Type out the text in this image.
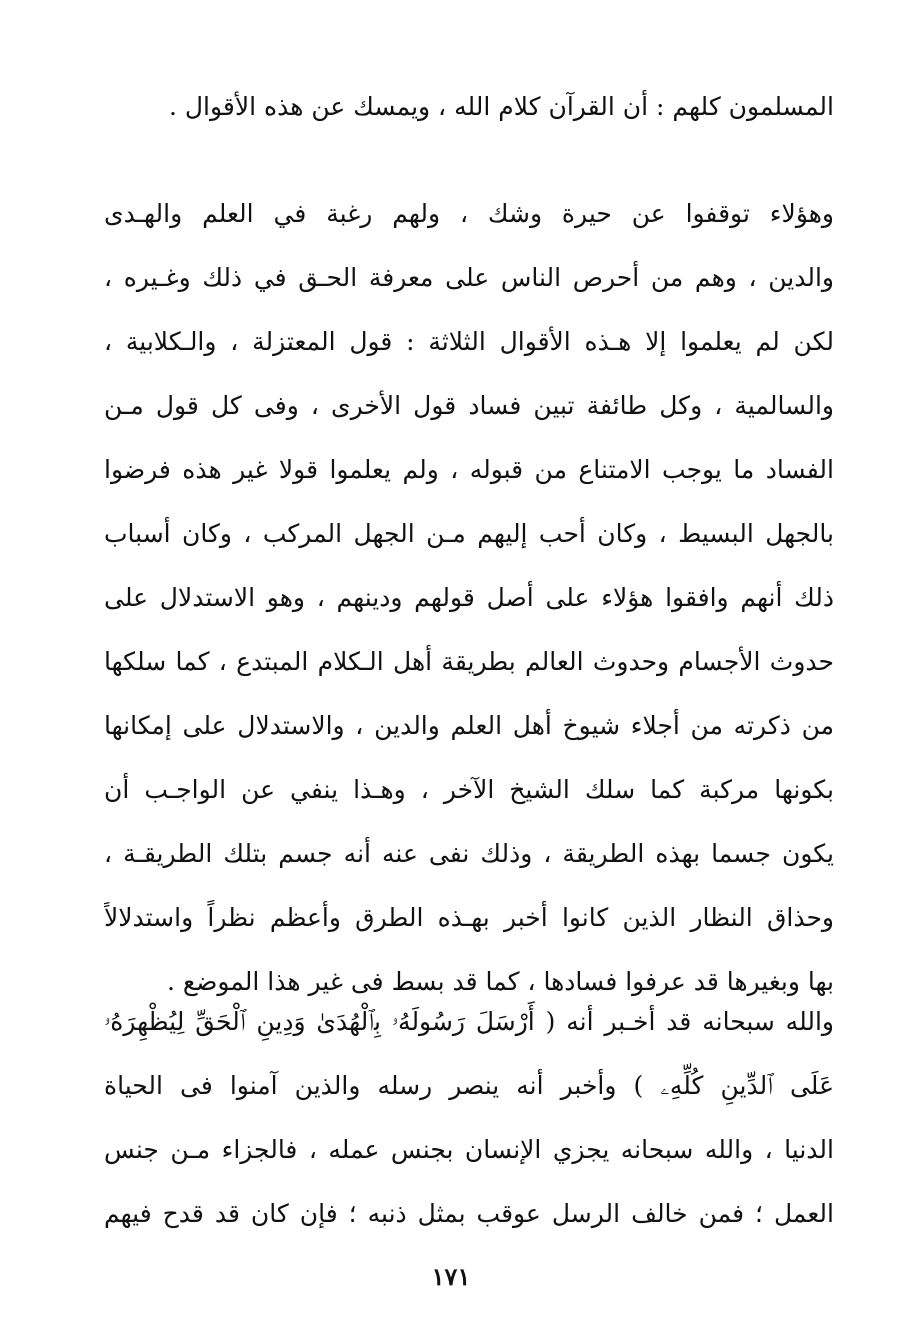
المسلمون كلهم : أن القرآن كلام الله ، ويمسك عن هذه الأقوال .
وهؤلاء توقفوا عن حيرة وشك ، ولهم رغبة في العلم والهـدى
والدين ، وهم من أحرص الناس على معرفة الحـق في ذلك وغـيره ،
لكن لم يعلموا إلا هـذه الأقوال الثلاثة : قول المعتزلة ، والـكلابية ،
والسالمية ، وكل طائفة تبين فساد قول الأخرى ، وفى كل قول مـن
الفساد ما يوجب الامتناع من قبوله ، ولم يعلموا قولا غير هذه فرضوا
بالجهل البسيط ، وكان أحب إليهم مـن الجهل المركب ، وكان أسباب
ذلك أنهم وافقوا هؤلاء على أصل قولهم ودينهم ، وهو الاستدلال على
حدوث الأجسام وحدوث العالم بطريقة أهل الـكلام المبتدع ، كما سلكها
من ذكرته من أجلاء شيوخ أهل العلم والدين ، والاستدلال على إمكانها
بكونها مركبة كما سلك الشيخ الآخر ، وهـذا ينفي عن الواجـب أن
يكون جسما بهذه الطريقة ، وذلك نفى عنه أنه جسم بتلك الطريقـة ،
وحذاق النظار الذين كانوا أخبر بهـذه الطرق وأعظم نظراً واستدلالاً
بها وبغيرها قد عرفوا فسادها ، كما قد بسط فى غير هذا الموضع .
والله سبحانه قد أخـبر أنه ( أَرْسَلَ رَسُولَهُۥ بِٱلْهُدَىٰ وَدِينِ ٱلْحَقِّ لِيُظْهِرَهُۥ
عَلَى ٱلدِّينِ كُلِّهِۦ ) وأخبر أنه ينصر رسله والذين آمنوا فى الحياة
الدنيا ، والله سبحانه يجزي الإنسان بجنس عمله ، فالجزاء مـن جنس
العمل ؛ فمن خالف الرسل عوقب بمثل ذنبه ؛ فإن كان قد قدح فيهم
١٧١
